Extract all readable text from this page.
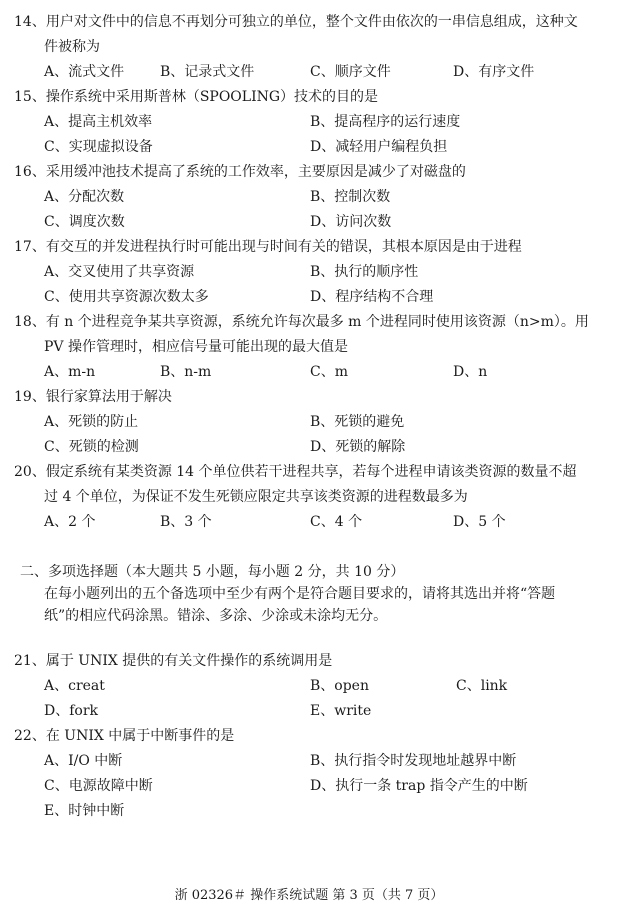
14、用户对文件中的信息不再划分可独立的单位，整个文件由依次的一串信息组成，这种文
件被称为
A、流式文件	B、记录式文件	C、顺序文件	D、有序文件
15、操作系统中采用斯普林（SPOOLING）技术的目的是
A、提高主机效率	B、提高程序的运行速度
C、实现虚拟设备	D、减轻用户编程负担
16、采用缓冲池技术提高了系统的工作效率，主要原因是减少了对磁盘的
A、分配次数	B、控制次数
C、调度次数	D、访问次数
17、有交互的并发进程执行时可能出现与时间有关的错误，其根本原因是由于进程
A、交叉使用了共享资源	B、执行的顺序性
C、使用共享资源次数太多	D、程序结构不合理
18、有 n 个进程竞争某共享资源，系统允许每次最多 m 个进程同时使用该资源（n>m）。用
PV 操作管理时，相应信号量可能出现的最大值是
A、m-n	B、n-m	C、m	D、n
19、银行家算法用于解决
A、死锁的防止	B、死锁的避免
C、死锁的检测	D、死锁的解除
20、假定系统有某类资源 14 个单位供若干进程共享，若每个进程申请该类资源的数量不超
过 4 个单位，为保证不发生死锁应限定共享该类资源的进程数最多为
A、2 个	B、3 个	C、4 个	D、5 个
二、多项选择题（本大题共 5 小题，每小题 2 分，共 10 分）
在每小题列出的五个备选项中至少有两个是符合题目要求的，请将其选出并将“答题
纸”的相应代码涂黑。错涂、多涂、少涂或未涂均无分。
21、属于 UNIX 提供的有关文件操作的系统调用是
A、creat	B、open	C、link
D、fork	E、write
22、在 UNIX 中属于中断事件的是
A、I/O 中断	B、执行指令时发现地址越界中断
C、电源故障中断	D、执行一条 trap 指令产生的中断
E、时钟中断
浙 02326＃ 操作系统试题 第 3 页（共 7 页）
